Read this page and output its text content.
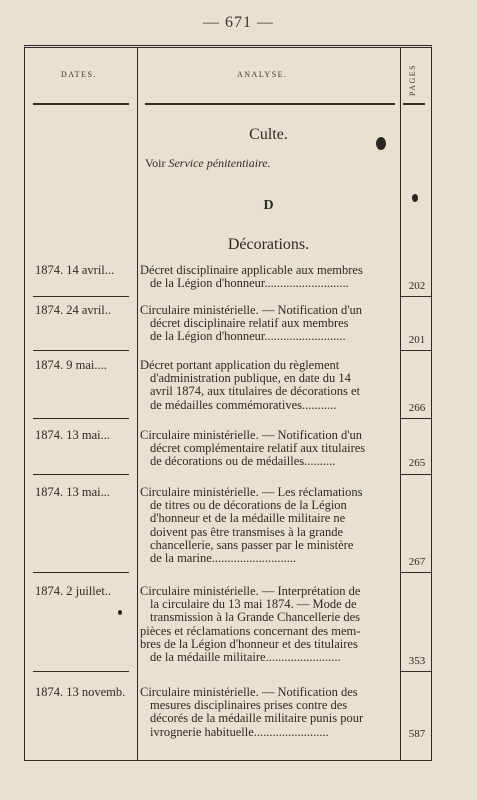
— 671 —
DATES.	ANALYSE.	PAGES
Culte.
Voir Service pénitentiaire.
D
Décorations.
1874. 14 avril... Décret disciplinaire applicable aux membres
de la Légion d'honneur...........................	202
1874. 24 avril.. Circulaire ministérielle. — Notification d'un
décret disciplinaire relatif aux membres
de la Légion d'honneur..........................	201
1874. 9 mai....	Décret portant application du règlement
d'administration publique, en date du 14
avril 1874, aux titulaires de décorations et
de médailles commémoratives...........	266
1874. 13 mai... Circulaire ministérielle. — Notification d'un
décret complémentaire relatif aux titulaires
de décorations ou de médailles..........	265
1874. 13 mai... Circulaire ministérielle. — Les réclamations
de titres ou de décorations de la Légion
d'honneur et de la médaille militaire ne
doivent pas être transmises à la grande
chancellerie, sans passer par le ministère
de la marine...........................	267
1874. 2 juillet.. Circulaire ministérielle. — Interprétation de
la circulaire du 13 mai 1874. — Mode de
transmission à la Grande Chancellerie des
pièces et réclamations concernant des mem-
bres de la Légion d'honneur et des titulaires
de la médaille militaire........................	353
1874. 13 novemb. Circulaire ministérielle. — Notification des
mesures disciplinaires prises contre des
décorés de la médaille militaire punis pour
ivrognerie habituelle........................	587
